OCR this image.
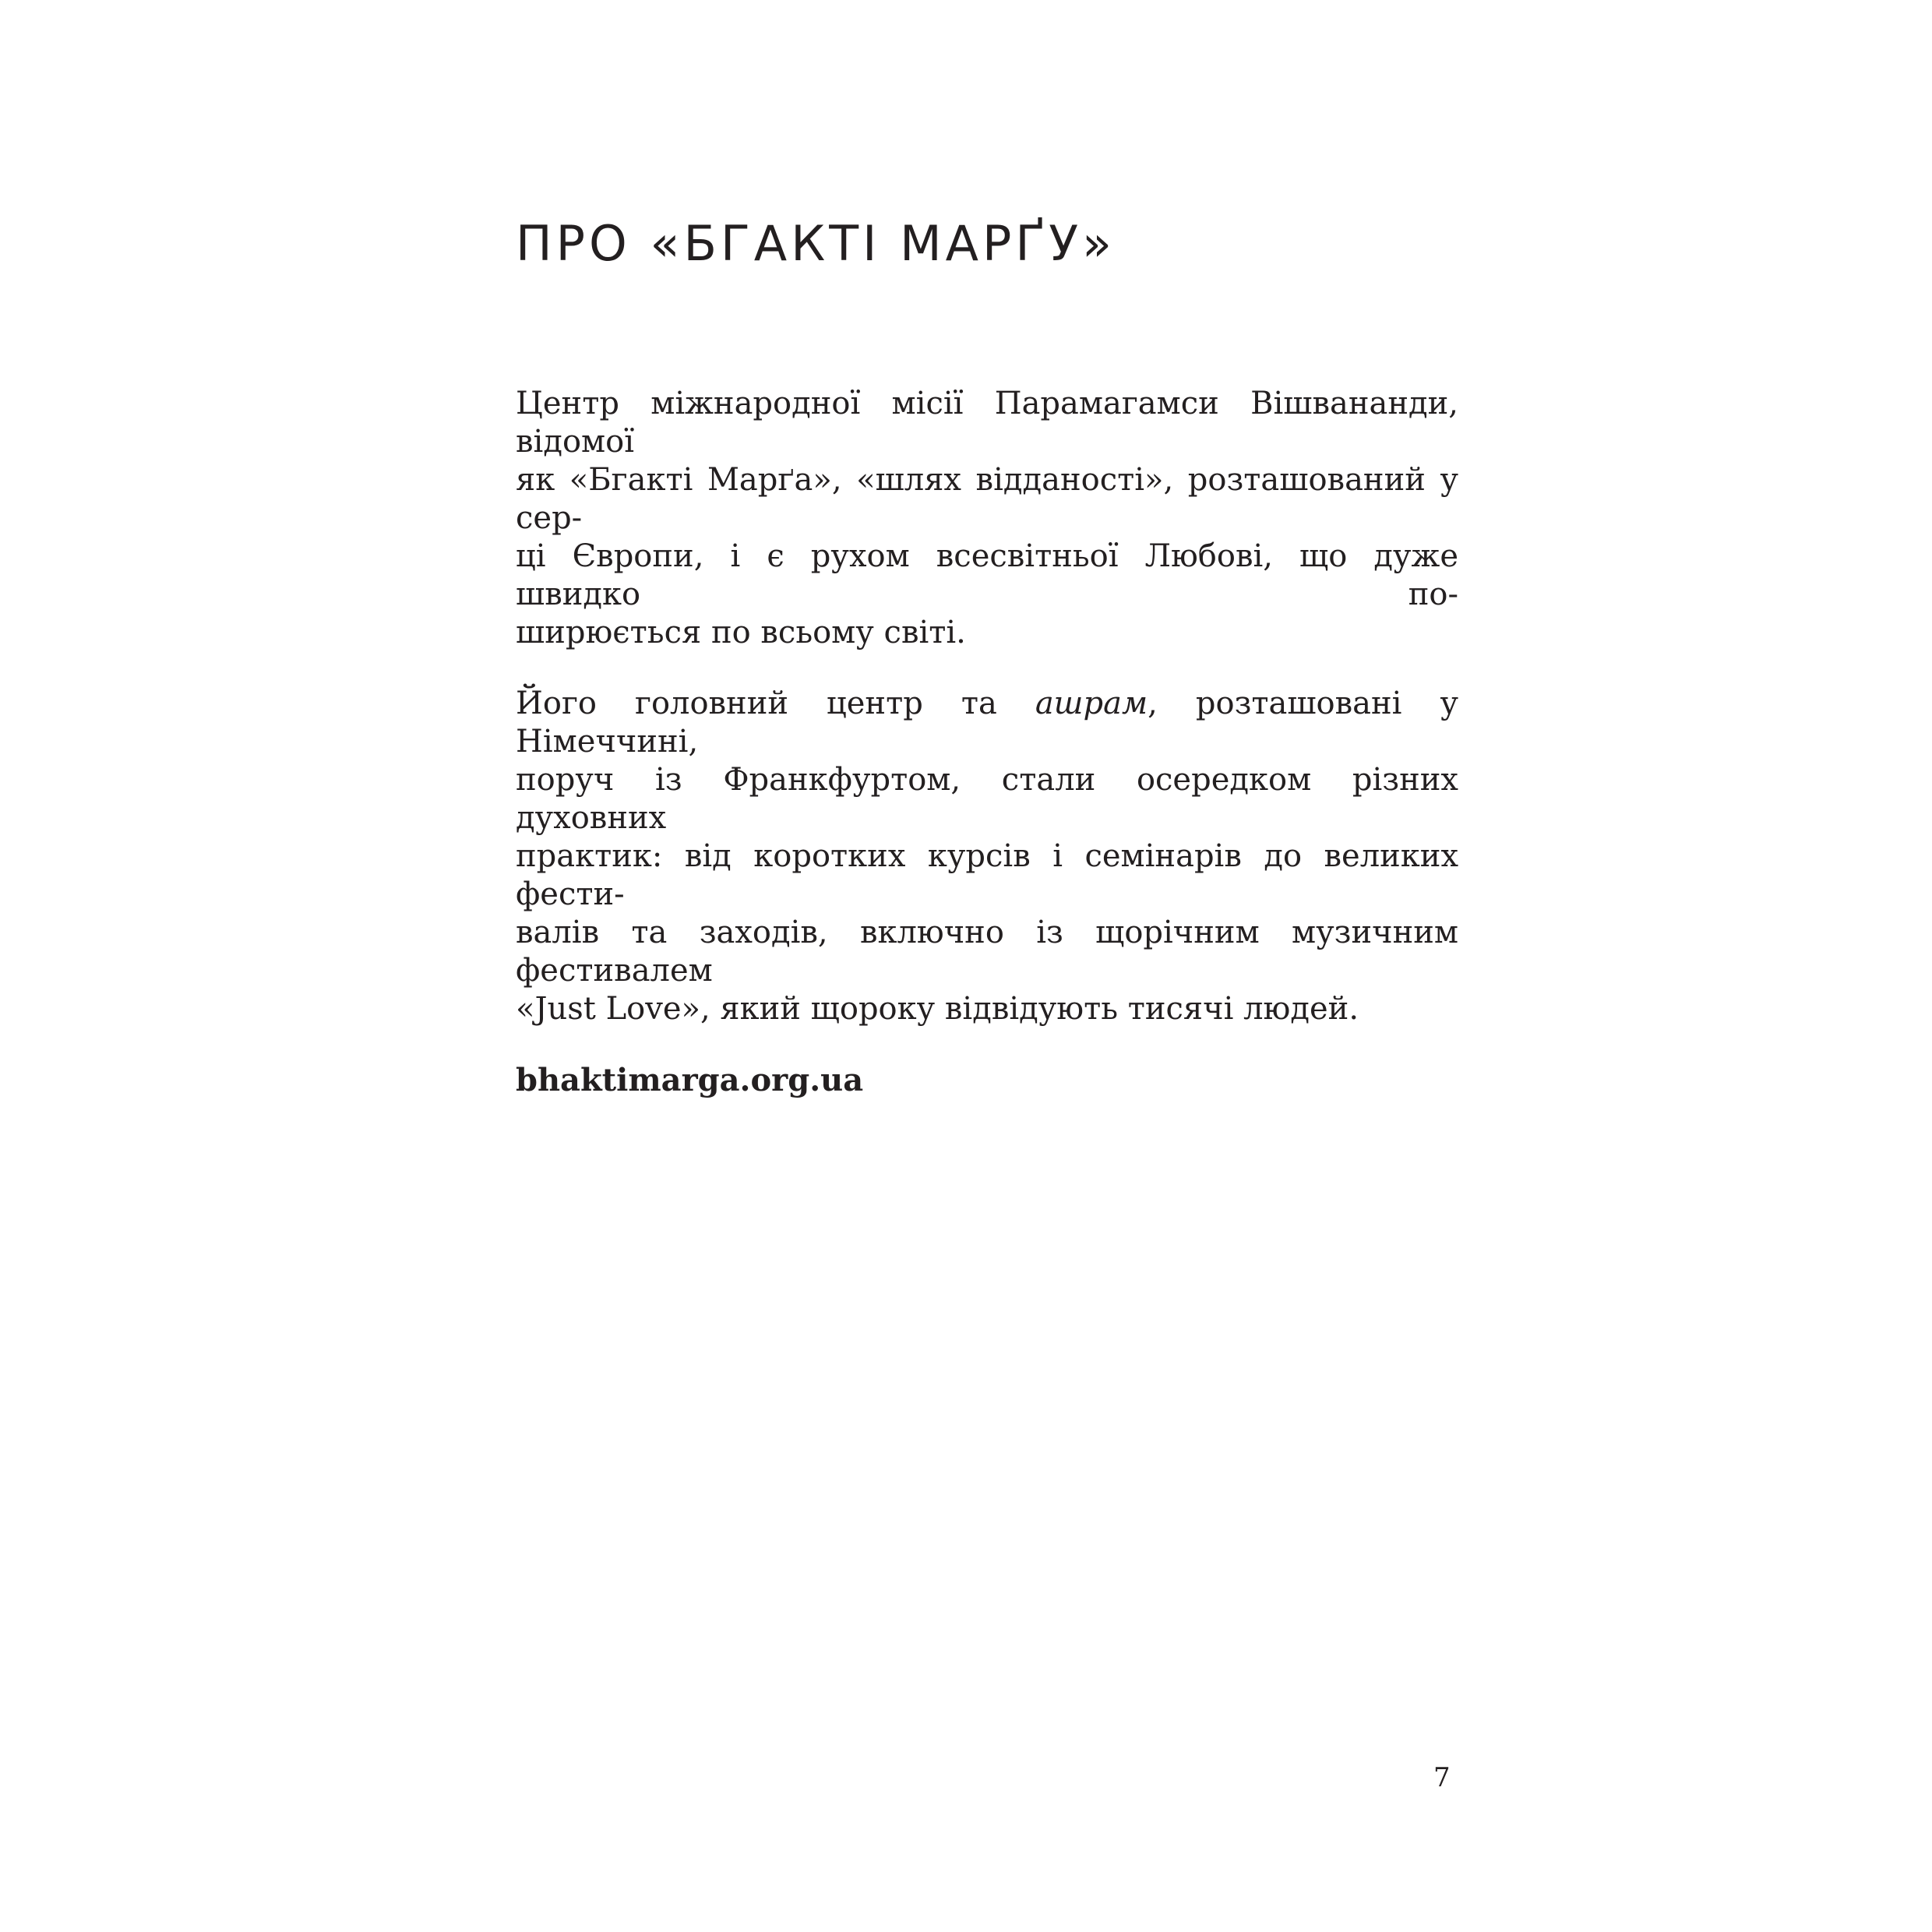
ПРО «БГАКТІ МАРҐУ»

Центр міжнародної місії Парамагамси Вішвананди, відомої
як «Бгакті Марґа», «шлях відданості», розташований у сер-
ці Європи, і є рухом всесвітньої Любові, що дуже швидко по-
ширюється по всьому світі.

Його головний центр та ашрам, розташовані у Німеччині,
поруч із Франкфуртом, стали осередком різних духовних
практик: від коротких курсів і семінарів до великих фести-
валів та заходів, включно із щорічним музичним фестивалем
«Just Love», який щороку відвідують тисячі людей.

bhaktimarga.org.ua

7
